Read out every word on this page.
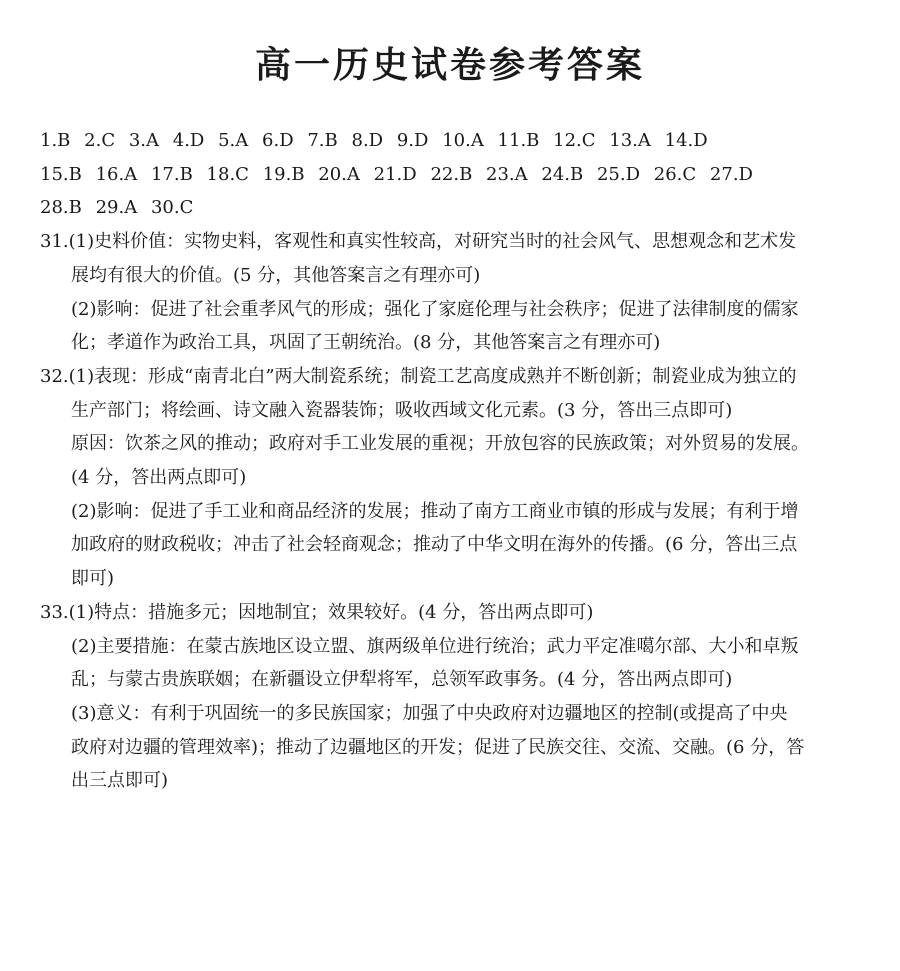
高一历史试卷参考答案
1.B 2.C 3.A 4.D 5.A 6.D 7.B 8.D 9.D 10.A 11.B 12.C 13.A 14.D
15.B 16.A 17.B 18.C 19.B 20.A 21.D 22.B 23.A 24.B 25.D 26.C 27.D
28.B 29.A 30.C
31.(1)史料价值：实物史料，客观性和真实性较高，对研究当时的社会风气、思想观念和艺术发
展均有很大的价值。(5 分，其他答案言之有理亦可)
(2)影响：促进了社会重孝风气的形成；强化了家庭伦理与社会秩序；促进了法律制度的儒家
化；孝道作为政治工具，巩固了王朝统治。(8 分，其他答案言之有理亦可)
32.(1)表现：形成“南青北白”两大制瓷系统；制瓷工艺高度成熟并不断创新；制瓷业成为独立的
生产部门；将绘画、诗文融入瓷器装饰；吸收西域文化元素。(3 分，答出三点即可)
原因：饮茶之风的推动；政府对手工业发展的重视；开放包容的民族政策；对外贸易的发展。
(4 分，答出两点即可)
(2)影响：促进了手工业和商品经济的发展；推动了南方工商业市镇的形成与发展；有利于增
加政府的财政税收；冲击了社会轻商观念；推动了中华文明在海外的传播。(6 分，答出三点
即可)
33.(1)特点：措施多元；因地制宜；效果较好。(4 分，答出两点即可)
(2)主要措施：在蒙古族地区设立盟、旗两级单位进行统治；武力平定准噶尔部、大小和卓叛
乱；与蒙古贵族联姻；在新疆设立伊犁将军，总领军政事务。(4 分，答出两点即可)
(3)意义：有利于巩固统一的多民族国家；加强了中央政府对边疆地区的控制(或提高了中央
政府对边疆的管理效率)；推动了边疆地区的开发；促进了民族交往、交流、交融。(6 分，答
出三点即可)
